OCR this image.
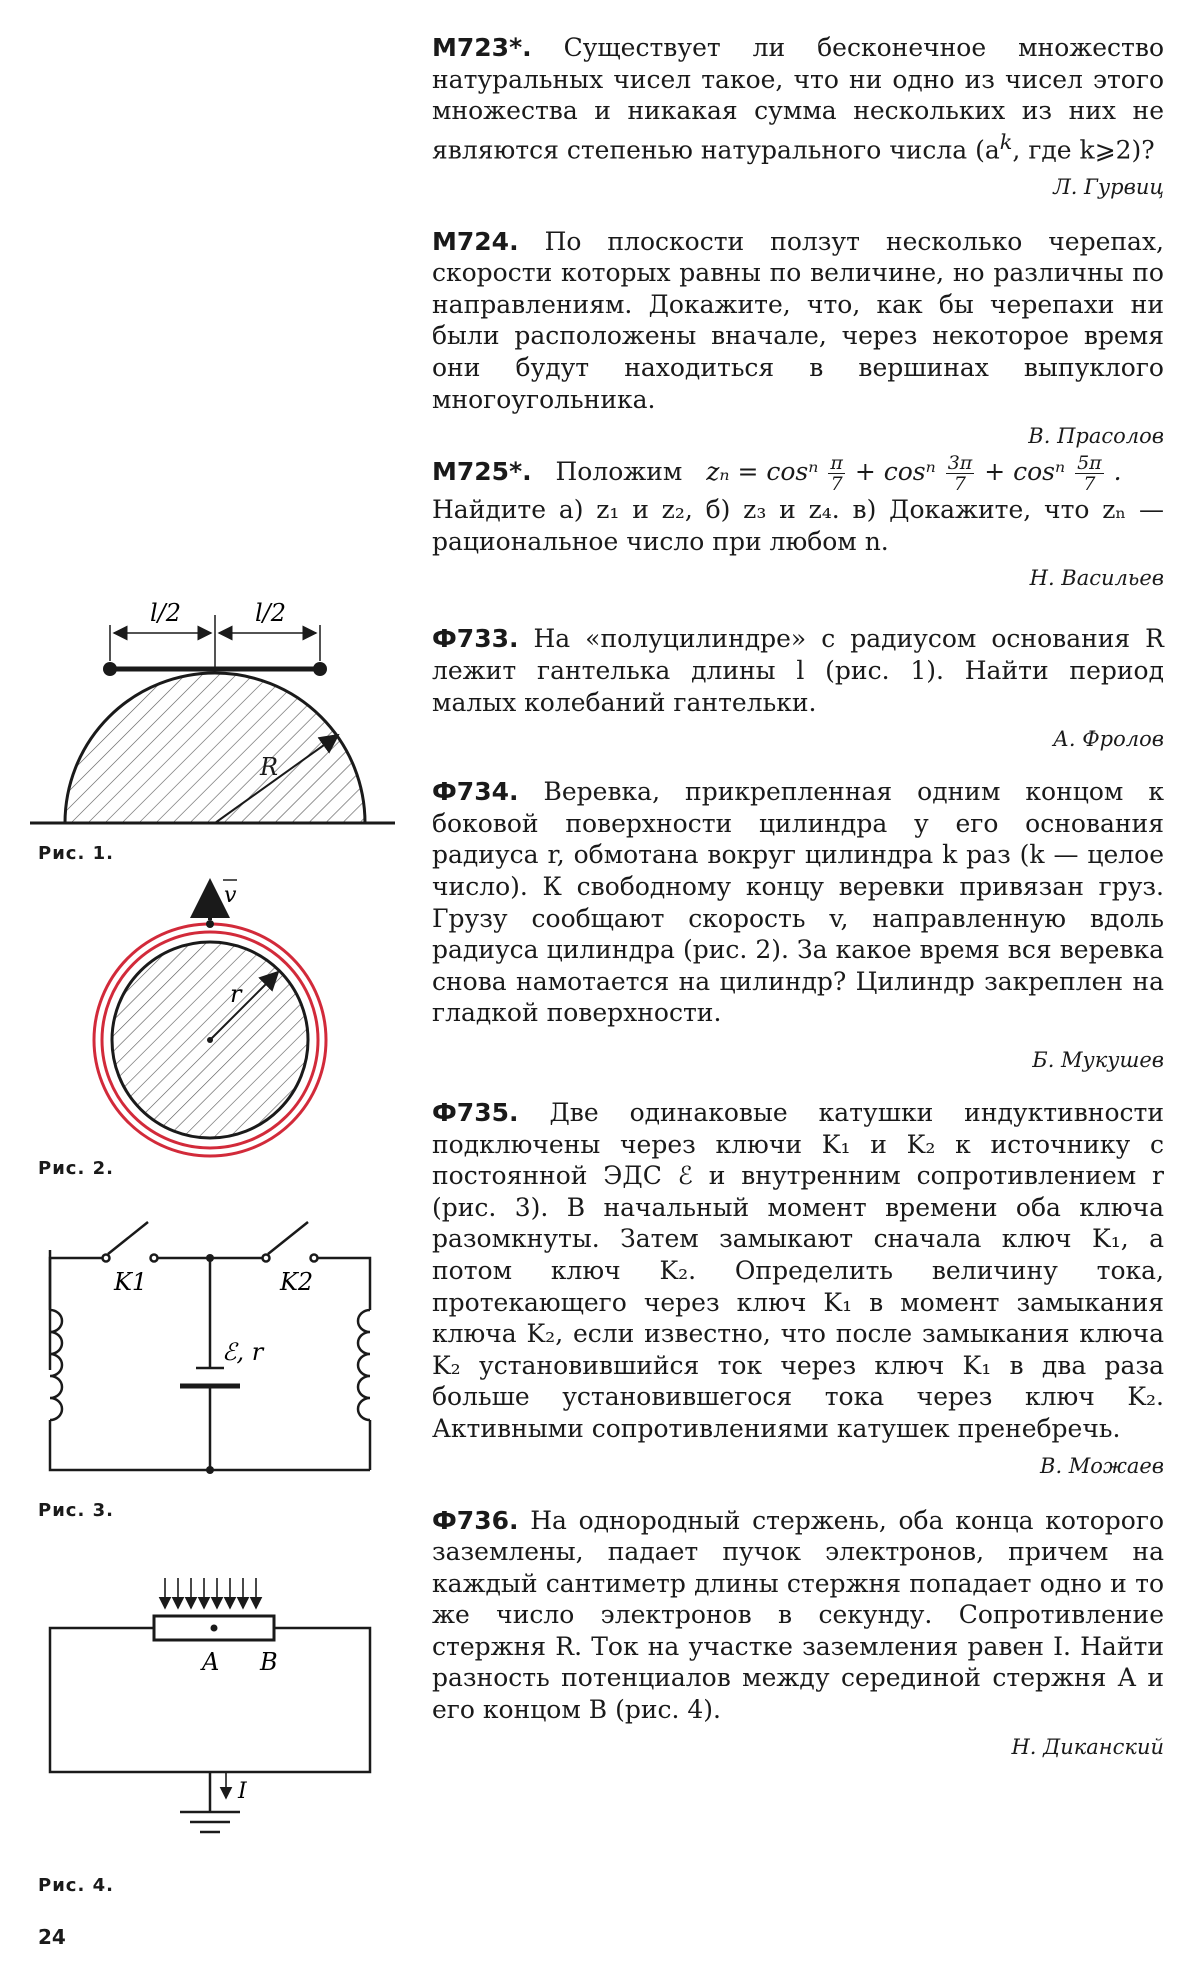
l/2	l/2
R
Рис. 1.
r
v
Рис. 2.
K1	K2
ℰ, r
Рис. 3.
A B
I
Рис. 4.
24
М723*. Существует ли бесконечное множество натуральных чисел такое, что ни одно из чисел этого множества и никакая сумма нескольких из них не являются степенью натурального числа ($a^k$, где k⩾2)?
Л. Гурвиц
М724. По плоскости ползут несколько черепах, скорости которых равны по величине, но различны по направлениям. Докажите, что, как бы черепахи ни были расположены вначале, через некоторое время они будут находиться в вершинах выпуклого многоугольника.
В. Прасолов
М725*. Положим zₙ = cosⁿ $\frac{\pi}{7} + \cos^n \frac{3\pi}{7} + \cos^n \frac{5\pi}{7}$ .
Найдите а) z₁ и z₂, б) z₃ и z₄. в) Докажите, что zₙ — рациональное число при любом n.
Н. Васильев
Ф733. На «полуцилиндре» с радиусом основания R лежит гантелька длины l (рис. 1). Найти период малых колебаний гантельки.
А. Фролов
Ф734. Веревка, прикрепленная одним концом к боковой поверхности цилиндра у его основания радиуса r, обмотана вокруг цилиндра k раз (k — целое число). К свободному концу веревки привязан груз. Грузу сообщают скорость v, направленную вдоль радиуса цилиндра (рис. 2). За какое время вся веревка снова намотается на цилиндр? Цилиндр закреплен на гладкой поверхности.
Б. Мукушев
Ф735. Две одинаковые катушки индуктивности подключены через ключи K₁ и K₂ к источнику с постоянной ЭДС ℰ и внутренним сопротивлением r (рис. 3). В начальный момент времени оба ключа разомкнуты. Затем замыкают сначала ключ K₁, а потом ключ K₂. Определить величину тока, протекающего через ключ K₁ в момент замыкания ключа K₂, если известно, что после замыкания ключа K₂ установившийся ток через ключ K₁ в два раза больше установившегося тока через ключ K₂. Активными сопротивлениями катушек пренебречь.
В. Можаев
Ф736. На однородный стержень, оба конца которого заземлены, падает пучок электронов, причем на каждый сантиметр длины стержня попадает одно и то же число электронов в секунду. Сопротивление стержня R. Ток на участке заземления равен I. Найти разность потенциалов между серединой стержня A и его концом B (рис. 4).
Н. Диканский
